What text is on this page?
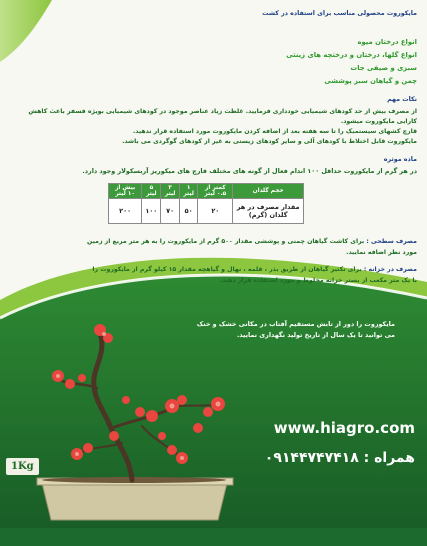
مایکوروت محصولی مناسب برای استفاده در کشت
انواع درختان میوه
انواع گلها، درختان و درختچه های زینتی
سبزی و صیفی جات
چمن و گیاهان سبز پوششی
نکات مهم
از مصرف بیش از حد کودهای شیمیایی خودداری فرمایید. غلظت زیاد عناصر موجود در کودهای شیمیایی بویژه فسفر باعث کاهش
کارایی مایکوروت میشود.
قارچ کشهای سیستمیک را تا سه هفته بعد از اضافه کردن مایکوروت مورد استفاده قرار ندهید.
مایکوروت قابل اختلاط با کودهای آلی و سایر کودهای زیستی به غیر از کودهای گوگردی می باشد.
ماده موثره
در هر گرم از مایکوروت حداقل ۱۰۰ اندام فعال از گونه های مختلف قارچ های میکوریز آربسکولار وجود دارد.
حجم گلدان	کمتر از ۰.۵ لیتر	۱ لیتر	۳ لیتر	۵ لیتر	بیش از ۱۰ لیتر
مقدار مصرف در هر گلدان (گرم)	۲۰	۵۰	۷۰	۱۰۰	۲۰۰
مصرف سطحی : برای کاشت گیاهان چمنی و پوششی مقدار ۵۰۰ گرم از مایکوروت را به هر متر مربع از زمین
مورد نظر اضافه نمایید.
مصرف در خزانه : برای تکثیر گیاهان از طریق بذر ، قلمه ، نهال و گیاهچه مقدار ۱۵ کیلو گرم از مایکوروت را
با یک متر مکعب از بستر خزانه مخلوط و مورد استفاده قرار دهید.
مایکوروت را دور از تابش مستقیم آفتاب در مکانی خشک و خنک
می توانید تا یک سال از تاریخ تولید نگهداری نمایید.
www.hiagro.com
همراه : ۰۹۱۴۴۷۴۷۴۱۸
1Kg
